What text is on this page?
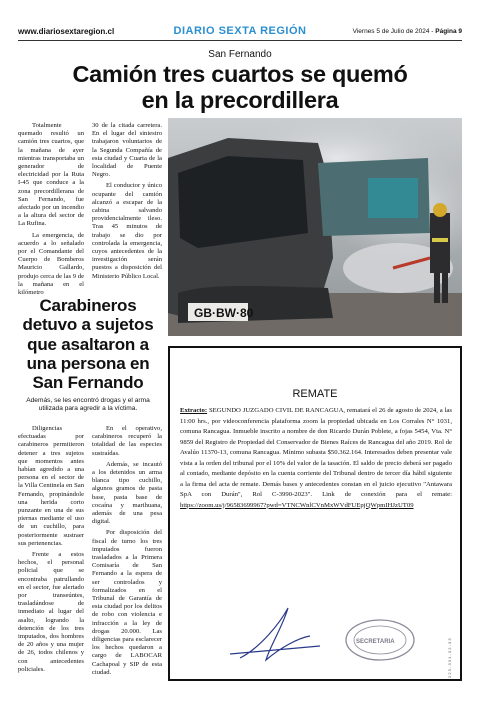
www.diariosextaregion.cl	DIARIO SEXTA REGIÓN	Viernes 5 de Julio de 2024 - Página 9
San Fernando
Camión tres cuartos se quemó
en la precordillera

Totalmente quemado resultó un camión tres cuartos, que la mañana de ayer mientras transportaba un generador de electricidad por la Ruta I-45 que conduce a la zona precordillerana de San Fernando, fue afectado por un incendio a la altura del sector de La Rufina.

La emergencia, de acuerdo a lo señalado por el Comandante del Cuerpo de Bomberos Mauricio Gallardo, produjo cerca de las 9 de la mañana en el kilómetro

30 de la citada carretera. En el lugar del siniestro trabajaron voluntarios de la Segunda Compañía de esta ciudad y Cuarta de la localidad de Puente Negro.

El conductor y único ocupante del camión alcanzó a escapar de la cabina salvando providencialmente ileso. Tras 45 minutos de trabajo se dio por controlada la emergencia, cuyos antecedentes de la investigación serán puestos a disposición del Ministerio Público Local.

GB·BW·80
Carabineros
detuvo a sujetos
que asaltaron a
una persona en
San Fernando
Además, se les encontró drogas y el arma utilizada para agredir a la víctima.

Diligencias efectuadas por carabineros permitieron detener a tres sujetos que momentos antes habían agredido a una persona en el sector de la Villa Centinela en San Fernando, propinándole una herida corto punzante en una de sus piernas mediante el uso de un cuchillo, para posteriormente sustraer sus pertenencias.

Frente a estos hechos, el personal policial que se encontraba patrullando en el sector, fue alertado por transeúntes, trasladándose de inmediato al lugar del asalto, logrando la detención de los tres imputados, dos hombres de 20 años y una mujer de 26, todos chilenos y con antecedentes policiales.

En el operativo, carabineros recuperó la totalidad de las especies sustraídas.

Además, se incautó a los detenidos un arma blanca tipo cuchillo, algunos gramos de pasta base, pasta base de cocaína y marihuana, además de una pesa digital.

Por disposición del fiscal de turno los tres imputados fueron trasladados a la Primera Comisaría de San Fernando a la espera de ser controlados y formalizados en el Tribunal de Garantía de esta ciudad por los delitos de robo con violencia e infracción a la ley de drogas 20.000. Las diligencias para esclarecer los hechos quedaron a cargo de LABOCAR Cachapoal y SIP de esta ciudad.

REMATE
Extracto: SEGUNDO JUZGADO CIVIL DE RANCAGUA, rematará el 26 de agosto de 2024, a las 11:00 hrs., por videoconferencia plataforma zoom la propiedad ubicada en Los Corrales N° 1031, comuna Rancagua. Inmueble inscrito a nombre de don Ricardo Durán Poblete, a fojas 5454, Vta. N° 9859 del Registro de Propiedad del Conservador de Bienes Raíces de Rancagua del año 2019. Rol de Avalúo 11370-13, comuna Rancagua. Mínimo subasta $50.362.164. Interesados deben presentar vale vista a la orden del tribunal por el 10% del valor de la tasación. El saldo de precio deberá ser pagado al contado, mediante depósito en la cuenta corriente del Tribunal dentro de tercer día hábil siguiente a la firma del acta de remate. Demás bases y antecedentes constan en el juicio ejecutivo "Antawara SpA con Durán", Rol C-3990-2023". Link de conexión para el remate: https://zoom.us/j/96583699967?pwd=VTNCWnlCVnMxWVdFUEpjQWpmIHJzUT09
SECRETARIA	2 2 3 - 3 3 1 - 3 2 - 3 3
